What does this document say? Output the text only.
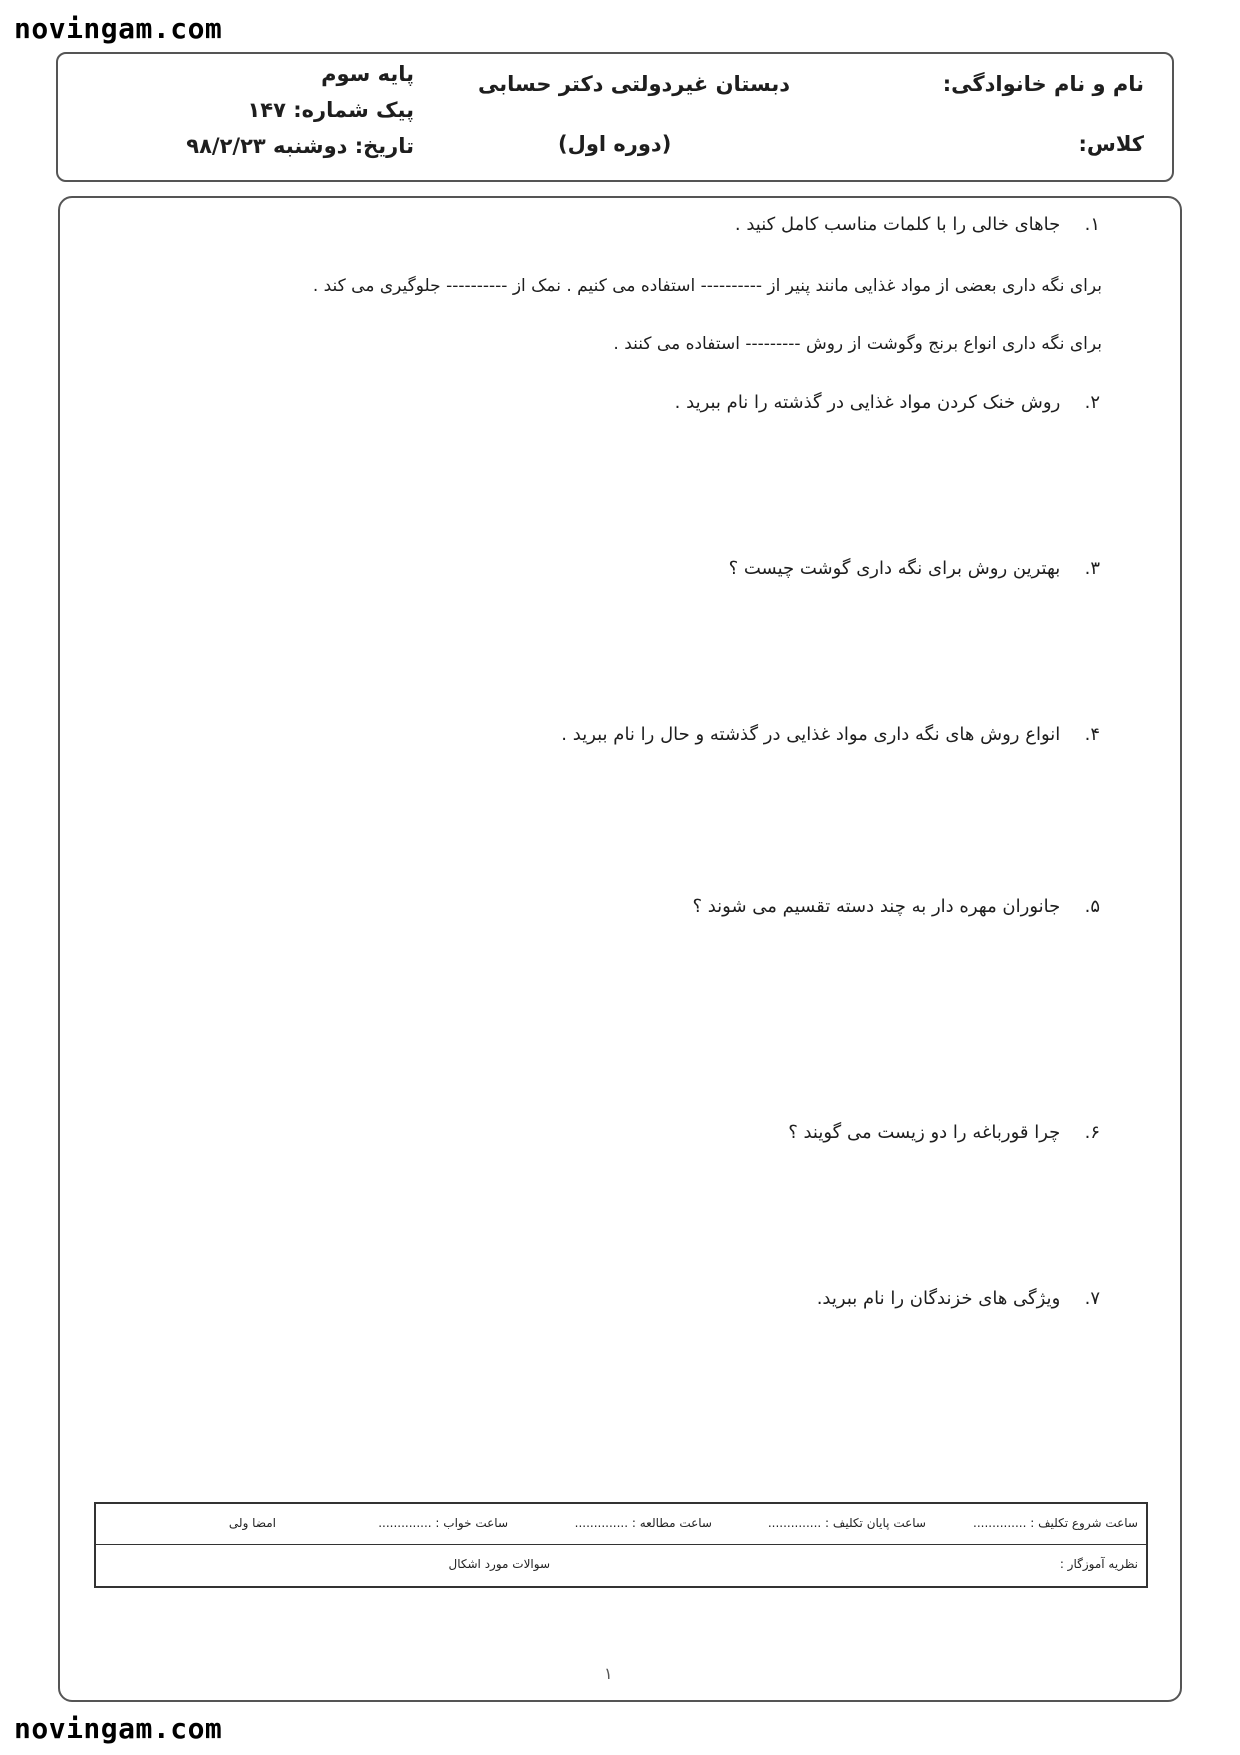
novingam.com
نام و نام خانوادگی:
کلاس:
دبستان غیردولتی دکتر حسابی
(دوره اول)
پایه سوم
پیک شماره: ۱۴۷
تاریخ: دوشنبه ۹۸/۲/۲۳
۱. جاهای خالی را با کلمات مناسب کامل کنید .
برای نگه داری بعضی از مواد غذایی مانند پنیر از ---------- استفاده می کنیم . نمک از ---------- جلوگیری می کند .
برای نگه داری انواع برنج وگوشت از روش --------- استفاده می کنند .
۲. روش خنک کردن مواد غذایی در گذشته را نام ببرید .
۳. بهترین روش برای نگه داری گوشت چیست ؟
۴. انواع روش های نگه داری مواد غذایی در گذشته و حال را نام ببرید .
۵. جانوران مهره دار به چند دسته تقسیم می شوند ؟
۶. چرا قورباغه را دو زیست می گویند ؟
۷. ویژگی های خزندگان را نام ببرید.
ساعت شروع تکلیف : ..............
ساعت پایان تکلیف : ..............
ساعت مطالعه : ..............
ساعت خواب : ..............
امضا ولی
نظریه آموزگار :
سوالات مورد اشکال
۱
novingam.com
